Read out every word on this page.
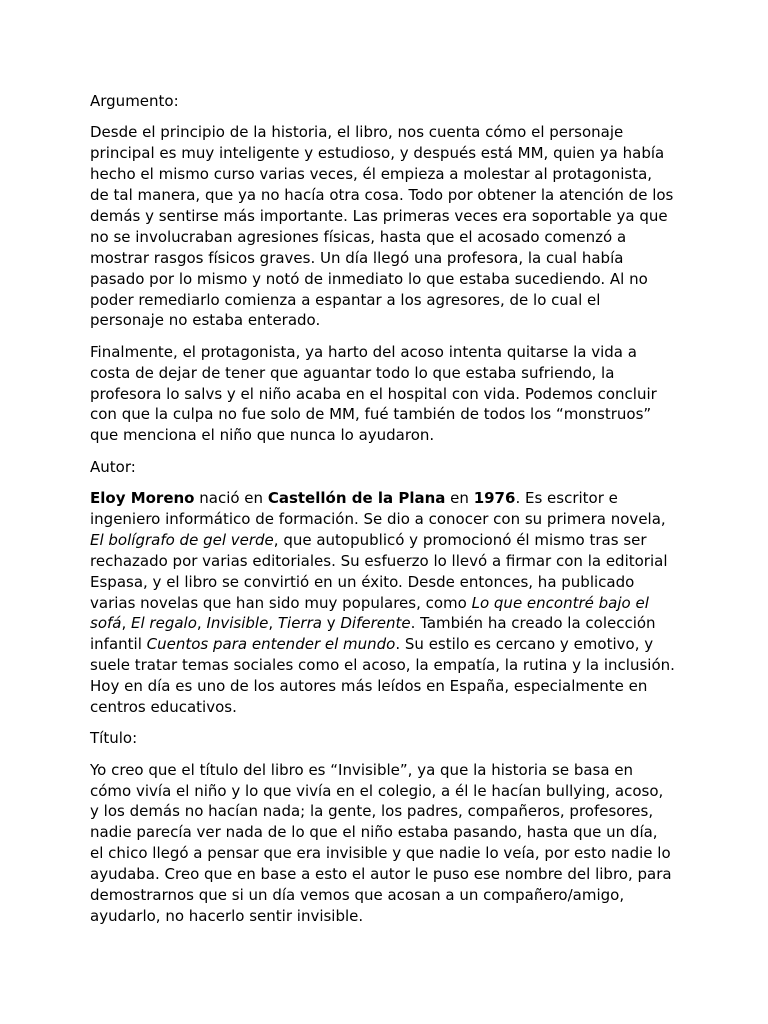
Argumento:

Desde el principio de la historia, el libro, nos cuenta cómo el personaje
principal es muy inteligente y estudioso, y después está MM, quien ya había
hecho el mismo curso varias veces, él empieza a molestar al protagonista,
de tal manera, que ya no hacía otra cosa. Todo por obtener la atención de los
demás y sentirse más importante. Las primeras veces era soportable ya que
no se involucraban agresiones físicas, hasta que el acosado comenzó a
mostrar rasgos físicos graves. Un día llegó una profesora, la cual había
pasado por lo mismo y notó de inmediato lo que estaba sucediendo. Al no
poder remediarlo comienza a espantar a los agresores, de lo cual el
personaje no estaba enterado.

Finalmente, el protagonista, ya harto del acoso intenta quitarse la vida a
costa de dejar de tener que aguantar todo lo que estaba sufriendo, la
profesora lo salvs y el niño acaba en el hospital con vida. Podemos concluir
con que la culpa no fue solo de MM, fué también de todos los “monstruos”
que menciona el niño que nunca lo ayudaron.

Autor:

Eloy Moreno nació en Castellón de la Plana en 1976. Es escritor e
ingeniero informático de formación. Se dio a conocer con su primera novela,
El bolígrafo de gel verde, que autopublicó y promocionó él mismo tras ser
rechazado por varias editoriales. Su esfuerzo lo llevó a firmar con la editorial
Espasa, y el libro se convirtió en un éxito. Desde entonces, ha publicado
varias novelas que han sido muy populares, como Lo que encontré bajo el
sofá, El regalo, Invisible, Tierra y Diferente. También ha creado la colección
infantil Cuentos para entender el mundo. Su estilo es cercano y emotivo, y
suele tratar temas sociales como el acoso, la empatía, la rutina y la inclusión.
Hoy en día es uno de los autores más leídos en España, especialmente en
centros educativos.

Título:

Yo creo que el título del libro es “Invisible”, ya que la historia se basa en
cómo vivía el niño y lo que vivía en el colegio, a él le hacían bullying, acoso,
y los demás no hacían nada; la gente, los padres, compañeros, profesores,
nadie parecía ver nada de lo que el niño estaba pasando, hasta que un día,
el chico llegó a pensar que era invisible y que nadie lo veía, por esto nadie lo
ayudaba. Creo que en base a esto el autor le puso ese nombre del libro, para
demostrarnos que si un día vemos que acosan a un compañero/amigo,
ayudarlo, no hacerlo sentir invisible.
